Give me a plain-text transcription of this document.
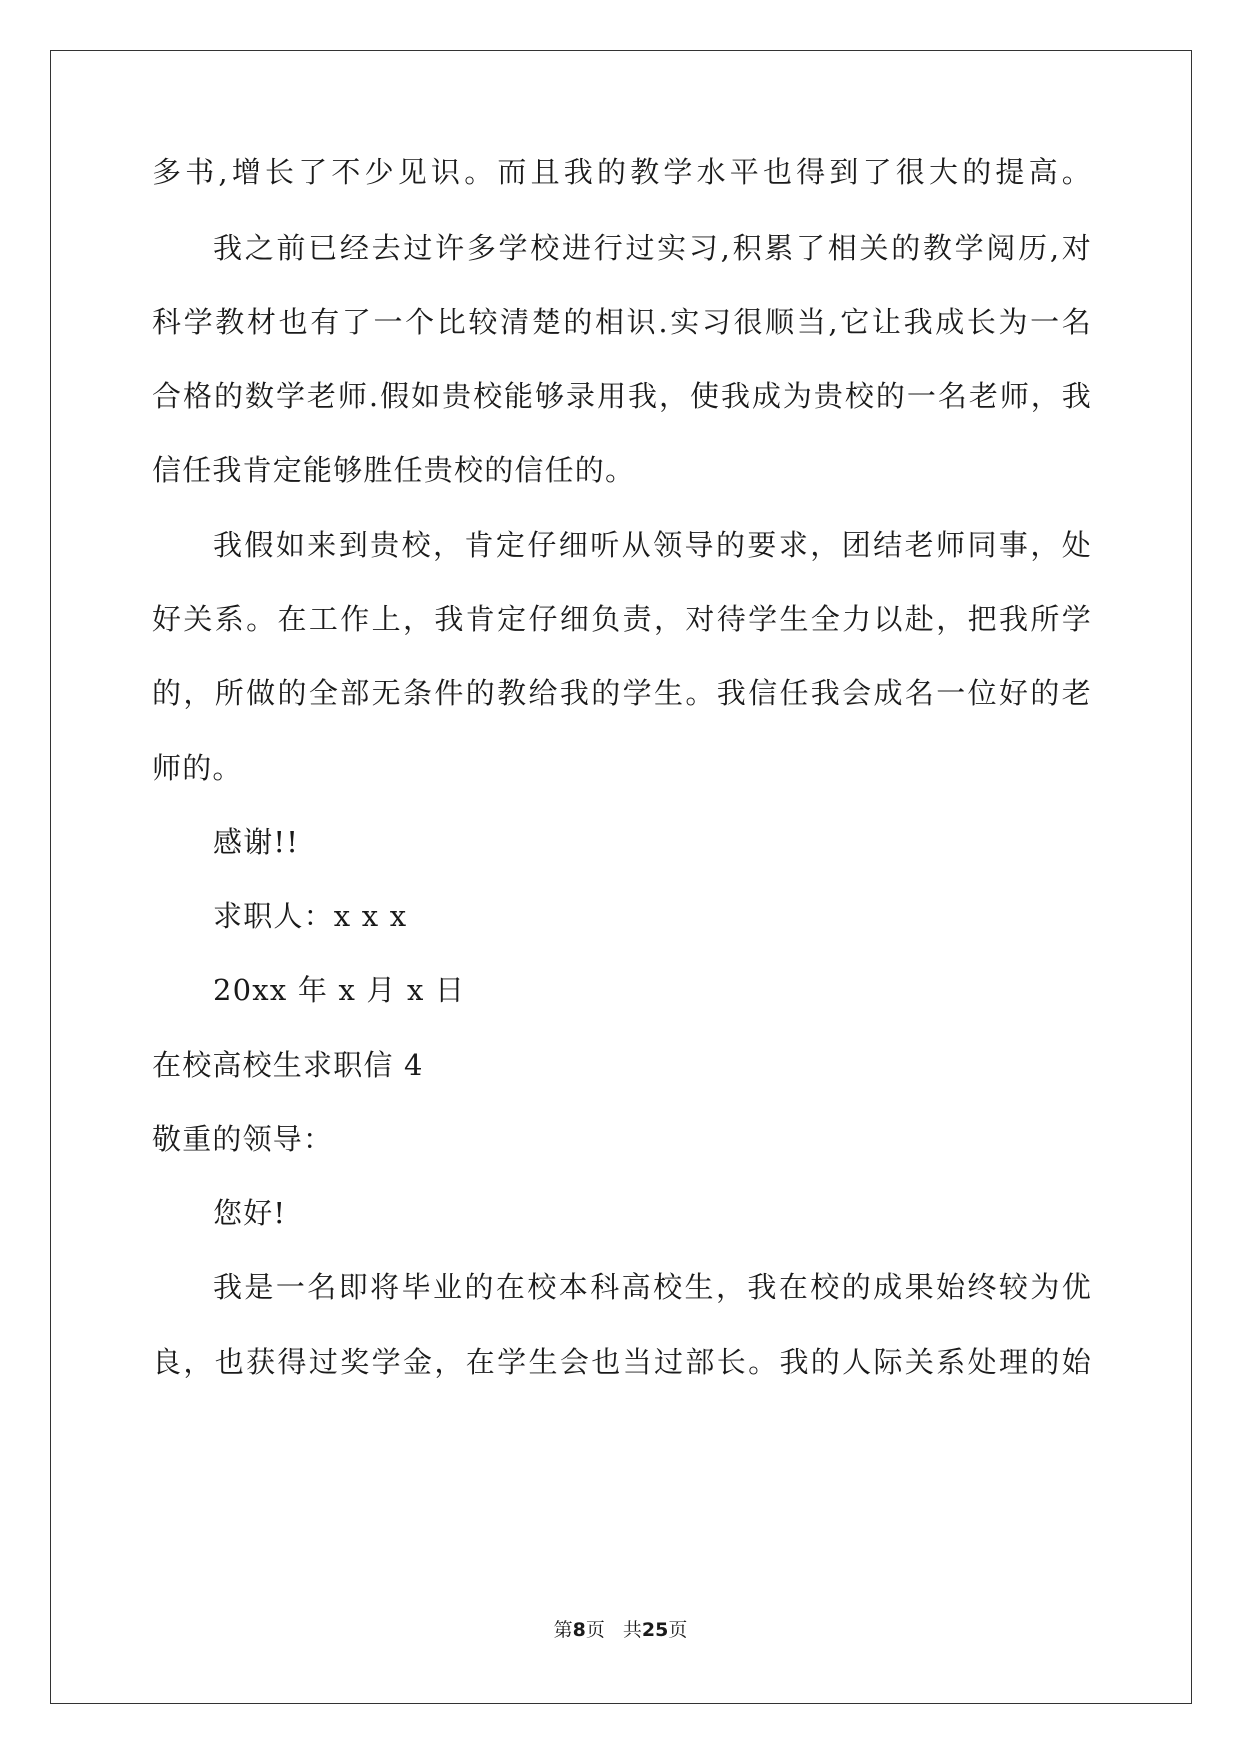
多书,增长了不少见识。而且我的教学水平也得到了很大的提高。
我之前已经去过许多学校进行过实习,积累了相关的教学阅历,对
科学教材也有了一个比较清楚的相识.实习很顺当,它让我成长为一名
合格的数学老师.假如贵校能够录用我，使我成为贵校的一名老师，我
信任我肯定能够胜任贵校的信任的。
我假如来到贵校，肯定仔细听从领导的要求，团结老师同事，处
好关系。在工作上，我肯定仔细负责，对待学生全力以赴，把我所学
的，所做的全部无条件的教给我的学生。我信任我会成名一位好的老
师的。
感谢!!
求职人：x x x
20xx 年 x 月 x 日
在校高校生求职信 4
敬重的领导：
您好!
我是一名即将毕业的在校本科高校生，我在校的成果始终较为优
良，也获得过奖学金，在学生会也当过部长。我的人际关系处理的始
第8页 共25页
